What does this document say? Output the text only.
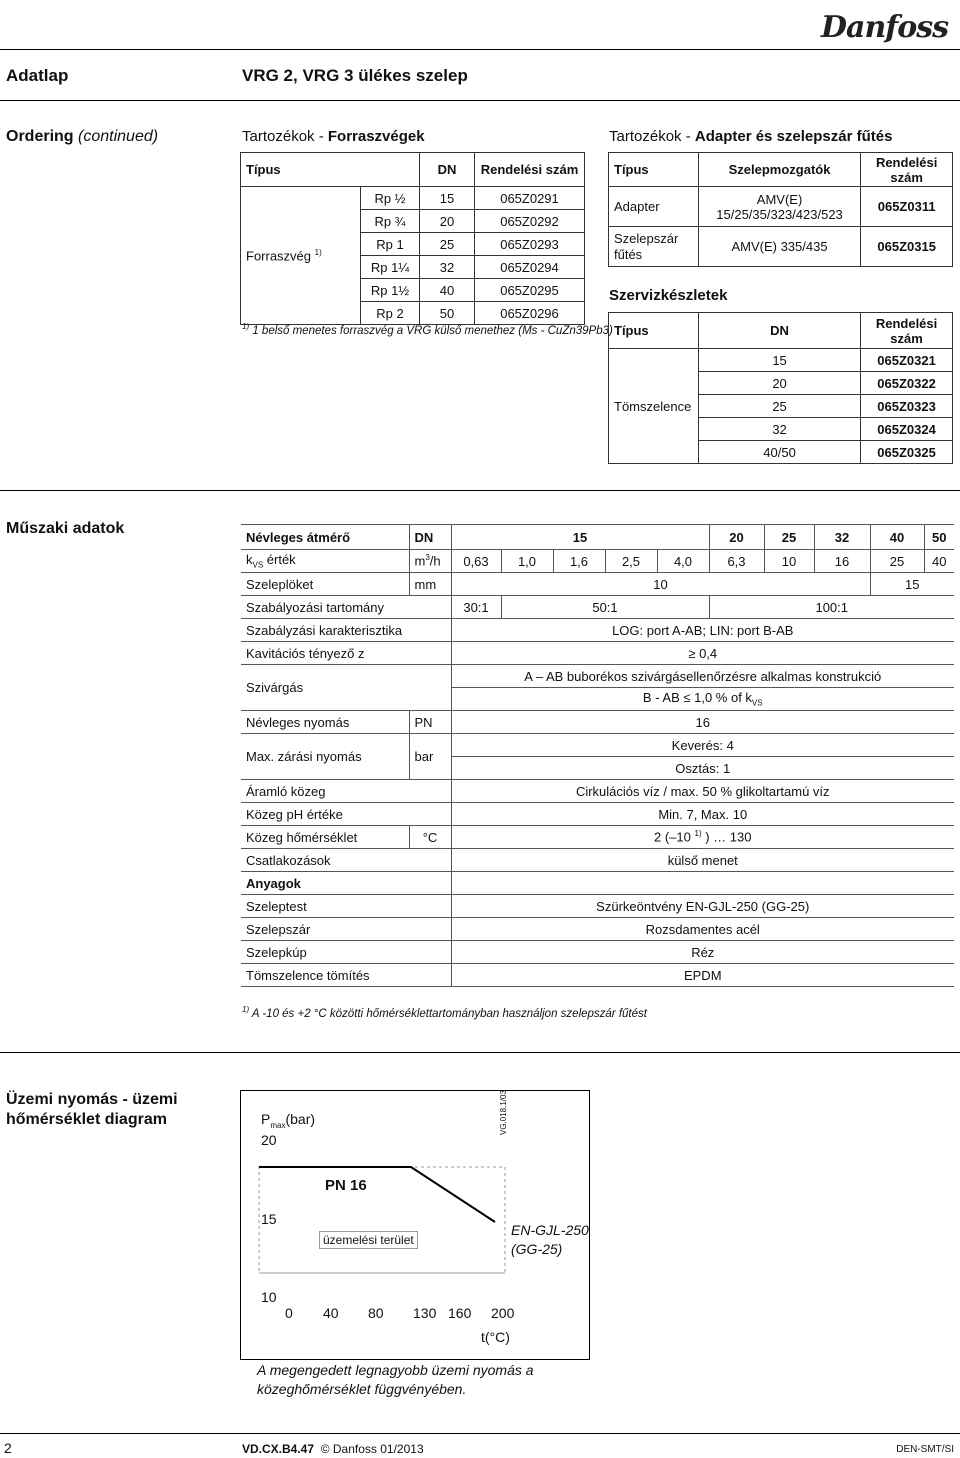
Danfoss
Adatlap	VRG 2, VRG 3 ülékes szelep
Ordering (continued)	Tartozékok - Forraszvégek
Típus		DN	Rendelési szám
Forraszvég $^{1)}$	Rp ½	15	065Z0291
	Rp ¾	20	065Z0292
	Rp 1	25	065Z0293
	Rp 1¼	32	065Z0294
	Rp 1½	40	065Z0295
	Rp 2	50	065Z0296
$^{1)}$ 1 belső menetes forraszvég a VRG külső menethez (Ms - CuZn39Pb3)
Tartozékok - Adapter és szelepszár fűtés
Típus	Szelepmozgatók	Rendelési szám
Adapter	AMV(E) 15/25/35/323/423/523	065Z0311
Szelepszár fűtés	AMV(E) 335/435	065Z0315
Szervizkészletek
Típus	DN	Rendelési szám
Tömszelence	15	065Z0321
	20	065Z0322
	25	065Z0323
	32	065Z0324
	40/50	065Z0325
Műszaki adatok	Névleges átmérő	DN	15					20	25	32	40	50
$k_{VS}$ érték	$m^3/h$	0,63	1,0	1,6	2,5	4,0	6,3	10	16	25	40
Szeleplöket	mm	10								15	
Szabályozási tartomány		30:1	50:1				100:1				
Szabályzási karakterisztika		LOG: port A-AB; LIN: port B-AB									
Kavitációs tényező z		≥ 0,4									
Szivárgás		A – AB buborékos szivárgásellenőrzésre alkalmas konstrukció									
		B - AB ≤ 1,0 % of $k_{VS}$
Névleges nyomás	PN	16									
Max. zárási nyomás	bar	Keverés: 4									
		Osztás: 1									
Áramló közeg		Cirkulációs víz / max. 50 % glikoltartamú víz									
Közeg pH értéke		Min. 7, Max. 10									
Közeg hőmérséklet	°C	2 (–10 $^{1)}$ ) … 130									
Csatlakozások		külső menet									
Anyagok											
Szeleptest		Szürkeöntvény EN-GJL-250 (GG-25)									
Szelepszár		Rozsdamentes acél									
Szelepkúp		Réz									
Tömszelence tömítés		EPDM									
$^{1)}$ A -10 és +2 °C közötti hőmérséklettartományban használjon szelepszár fűtést
Üzemi nyomás - üzemi hőmérséklet diagram	$P_{max}(bar)$
20
15
10
PN 16
üzemelési terület
EN-GJL-250
(GG-25)
VG.018.1/03
0 40 80 130 160 200
t(°C)
A megengedett legnagyobb üzemi nyomás a
közeghőmérséklet függvényében.
2	VD.CX.B4.47 © Danfoss 01/2013	DEN-SMT/SI
